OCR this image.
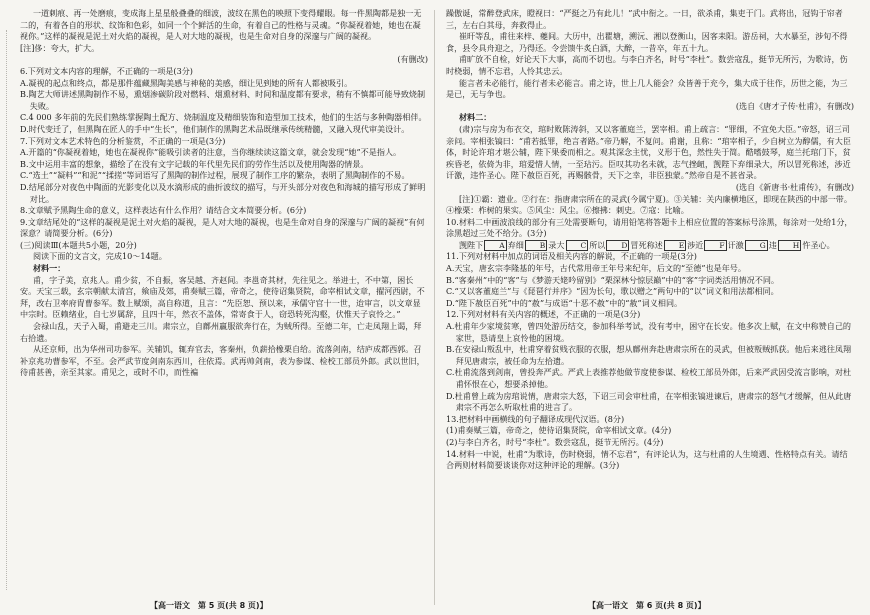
一道刺痕、再一处磨痕，变成海上星星般叠叠的细波，波纹在黑色的映照下变得耀眼。每一件黑陶都是独一无二的，有着各自的形状、纹饰和色彩，如同一个个鲜活的生命，有着自己的性格与灵魂。“你凝视着她，她也在凝视你。”这样的凝视是泥土对火焰的凝视，是人对大地的凝视，也是生命对自身的深邃与广阔的凝视。

[注]侈：夸大，扩大。

(有删改)

6.下列对文本内容的理解，不正确的一项是(3分)

A.凝视的起点和终点，都是那件蕴藏黑陶美感与神秘的美感，细让见到她的所有人都被吸引。

B.陶艺大师讲述黑陶制作不易，熏烟渗碳阶段对燃料、烟熏材料、时间和温度都有要求，稍有不慎都可能导致烧制失败。

C.4 000 多年前的先民们熟练掌握陶土配方、烧制温度及精细装饰和造型加工技术，他们的生活与多种陶器相伴。

D.时代变迁了，但黑陶在匠人的手中“生长”，他们制作的黑陶艺术品既继承传统精髓，又融入现代审美设计。

7.下列对文本艺术特色的分析鉴赏，不正确的一项是(3分)

A.开篇的“你凝视着她，她也在凝视你”能吸引读者的注意，当你继续读这篇文章，就会发现“她”不是指人。

B.文中运用丰富的想象，描绘了在没有文字记载的年代里先民们的劳作生活以及使用陶器的情景。

C.“选土”“凝料”“和泥”“揉搓”等词语写了黑陶的制作过程，展现了制作工序的繁杂，表明了黑陶制作的不易。

D.结尾部分对夜色中陶面的光影变化以及水滴形成的曲折波纹的描写，与开头部分对夜色和海城的描写形成了鲜明对比。

8.文章赋予黑陶生命的意义，这样表达有什么作用？请结合文本简要分析。(6分)

9.文章结尾处的“这样的凝视是泥土对火焰的凝视，是人对大地的凝视，也是生命对自身的深邃与广阔的凝视”有何深意？请简要分析。(6分)

(三)阅读Ⅲ(本题共5小题，20分)

阅读下面的文言文，完成10～14题。

材料一：

甫，字子美，京兆人。甫少贫，不自振，客吴越、齐赵间。李邕奇其材，先往见之。举进士，不中第，困长安。天宝三载，玄宗朝献太清宫，飨庙及郊，甫奏赋三篇，帝奇之，使待诏集贤院，命宰相试文章，擢河西尉，不拜，改右卫率府胄曹参军。数上赋颂，高自称道，且言：“先臣恕、预以来，承儒守官十一世，迨审言，以文章显中宗时。臣赖绪业，自七岁属辞，且四十年，然衣不盖体，常寄食于人，窃恐转死沟壑，伏惟天子哀怜之。”

会禄山乱，天子入蜀，甫避走三川。肃宗立，自鄜州羸服欲奔行在，为贼所得。至德二年，亡走凤翔上谒，拜右拾遗。

从还京师，出为华州司功参军。关辅饥，辄弃官去，客秦州，负薪拾橡栗自给。流落剑南，结庐成都西郭。召补京兆功曹参军，不至。会严武节度剑南东西川，往依焉。武再帅剑南，表为参谋、检校工部员外郎。武以世旧，待甫甚善，亲至其家。甫见之，或时不巾，而性褊

【高一语文　第 5 页(共 8 页)】

躁傲诞，常醉登武床，瞪视曰：“严挺之乃有此儿！”武中衔之。一日，欲杀甫，集吏于门。武将出，冠钩于帘者三，左右白其母，奔救得止。

崔旰等乱，甫往来梓、夔间。大历中，出瞿塘，溯沅、湘以登衡山，因客耒阳。游岳祠，大水暴至，涉旬不得食，县令具舟迎之，乃得还。令尝馈牛炙白酒，大醉，一昔卒，年五十九。

甫旷放不自检，好论天下大事，高而不切也。与李白齐名，时号“李杜”。数尝寇乱，挺节无所污，为歌诗，伤时桡弱，情不忘君，人怜其忠云。

能言者未必能行，能行者未必能言。甫之诗，世上几人能会？众皆善于充今，集大成于往作，历世之能，为三是已，无与争也。

(选自《唐才子传·杜甫》，有删改)

材料二：

(肃)宗与房为布衣交，琯时败陈涛斜，又以客董庭兰，罢宰相。甫上疏言：“罪细，不宜免大臣。”帝怒，诏三司亲问。宰相张镐曰：“甫若抵罪，绝言者路。”帝乃解，不复问。甫谢，且称：“琯宰相子，少自树立为醇儒，有大臣体，时论许琯才堪公辅，陛下果委而相之。观其深念主忧，义形于色，然性失于简。酷嗜鼓琴，庭兰托琯门下，贫疾昏老，依倚为非，琯爱惜人情，一至玷污。臣叹其功名未就，志气挫衄，觊陛下弃细录大，所以冒死称述，涉近讦激，违忤圣心。陛下赦臣百死，再赐骸骨，天下之幸，非臣独蒙。”然帝自是不甚省录。

(选自《新唐书·杜甫传》，有删改)

[注]①霸：遗业。②行在：指唐肃宗所在的灵武(今属宁夏)。③关辅：关内廉横地区，即现在陕西的中部一带。④橡栗：柞树的果实。⑤风尘：风尘。⑥擦拂：刺史。⑦寇：比喻。

10.材料二中画波浪线的部分有三处需要断句，请用铅笔将答题卡上相应位置的答案标号涂黑，每涂对一处给1分，涂黑超过三处不给分。(3分)

觊陛下 A 弃细 B 录大 C 所以 D 冒死称述 E 涉近 F 讦激 G 违 H 忤圣心。

11.下列对材料中加点的词语及相关内容的解说，不正确的一项是(3分)

A.天宝，唐玄宗李隆基的年号，古代常用帝王年号来纪年，后文的“至德”也是年号。

B.“客秦州”中的“客”与《梦游天姥吟留别》“栗深林兮惊层巅”中的“客”字词类活用情况不同。

C.“又以客董庭兰”与《琵琶行并序》“因为长句，歌以赠之”两句中的“以”词义和用法都相同。

D.“陛下赦臣百死”中的“赦”与成语“十恶不赦”中的“赦”词义相同。

12.下列对材料有关内容的概述，不正确的一项是(3分)

A.杜甫年少家境贫寒，曾四处游历结交，参加科举考试，没有考中，困守在长安。他多次上赋，在文中称赞自己的家世，恳请皇上哀怜他的困境。

B.在安禄山叛乱中，杜甫穿着贫贱衣服的衣服，想从鄜州奔赴唐肃宗所在的灵武，但被叛贼抓获。他后来逃往凤翔拜见唐肃宗，被任命为左拾遗。

C.杜甫流落到剑南，曾投奔严武。严武上表推荐他做节度使参谋、检校工部员外郎，后来严武因受流言影响，对杜甫怀恨在心，想要杀掉他。

D.杜甫曾上疏为房琯说情，唐肃宗大怒，下诏三司会审杜甫，在宰相张镐进谏后，唐肃宗的怒气才缓解，但从此唐肃宗不再怎么听取杜甫的进言了。

13.把材料中画横线的句子翻译成现代汉语。(8分)

(1)甫奏赋三篇，帝奇之，使待诏集贤院，命宰相试文章。(4分)

(2)与李白齐名，时号“李杜”。数尝寇乱，挺节无所污。(4分)

14.材料一中说，杜甫“为歌诗，伤时桡弱，情不忘君”，有评论认为，这与杜甫的人生境遇、性格特点有关。请结合两则材料简要谈谈你对这种评论的理解。(3分)

【高一语文　第 6 页(共 8 页)】
